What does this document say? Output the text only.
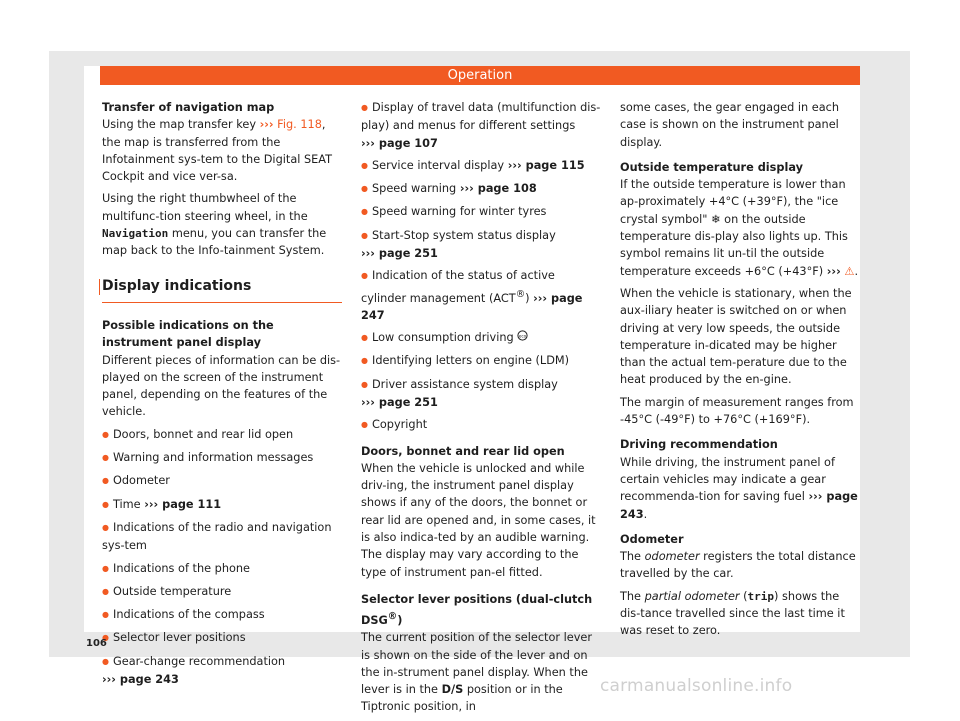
Operation

Transfer of navigation map

Using the map transfer key ››› Fig. 118, the map is transferred from the Infotainment sys-tem to the Digital SEAT Cockpit and vice ver-sa.

Using the right thumbwheel of the multifunc-tion steering wheel, in the Navigation menu, you can transfer the map back to the Info-tainment System.

Display indications

Possible indications on the instrument panel display

Different pieces of information can be dis-played on the screen of the instrument panel, depending on the features of the vehicle.

● Doors, bonnet and rear lid open

● Warning and information messages

● Odometer

● Time ››› page 111

● Indications of the radio and navigation sys-tem

● Indications of the phone

● Outside temperature

● Indications of the compass

● Selector lever positions

● Gear-change recommendation
››› page 243

● Display of travel data (multifunction dis-play) and menus for different settings
››› page 107

● Service interval display ››› page 115

● Speed warning ››› page 108

● Speed warning for winter tyres

● Start-Stop system status display
››› page 251

● Indication of the status of active cylinder management (ACT®) ››› page 247

● Low consumption driving eco

● Identifying letters on engine (LDM)

● Driver assistance system display
››› page 251

● Copyright

Doors, bonnet and rear lid open

When the vehicle is unlocked and while driv-ing, the instrument panel display shows if any of the doors, the bonnet or rear lid are opened and, in some cases, it is also indica-ted by an audible warning. The display may vary according to the type of instrument pan-el fitted.

Selector lever positions (dual-clutch DSG®)

The current position of the selector lever is shown on the side of the lever and on the in-strument panel display. When the lever is in the D/S position or in the Tiptronic position, in

some cases, the gear engaged in each case is shown on the instrument panel display.

Outside temperature display

If the outside temperature is lower than ap-proximately +4°C (+39°F), the "ice crystal symbol" ❄ on the outside temperature dis-play also lights up. This symbol remains lit un-til the outside temperature exceeds +6°C (+43°F) ››› ⚠.

When the vehicle is stationary, when the aux-iliary heater is switched on or when driving at very low speeds, the outside temperature in-dicated may be higher than the actual tem-perature due to the heat produced by the en-gine.

The margin of measurement ranges from -45°C (-49°F) to +76°C (+169°F).

Driving recommendation

While driving, the instrument panel of certain vehicles may indicate a gear recommenda-tion for saving fuel ››› page 243.

Odometer

The odometer registers the total distance travelled by the car.

The partial odometer (trip) shows the dis-tance travelled since the last time it was reset to zero.

106
carmanualsonline.info
